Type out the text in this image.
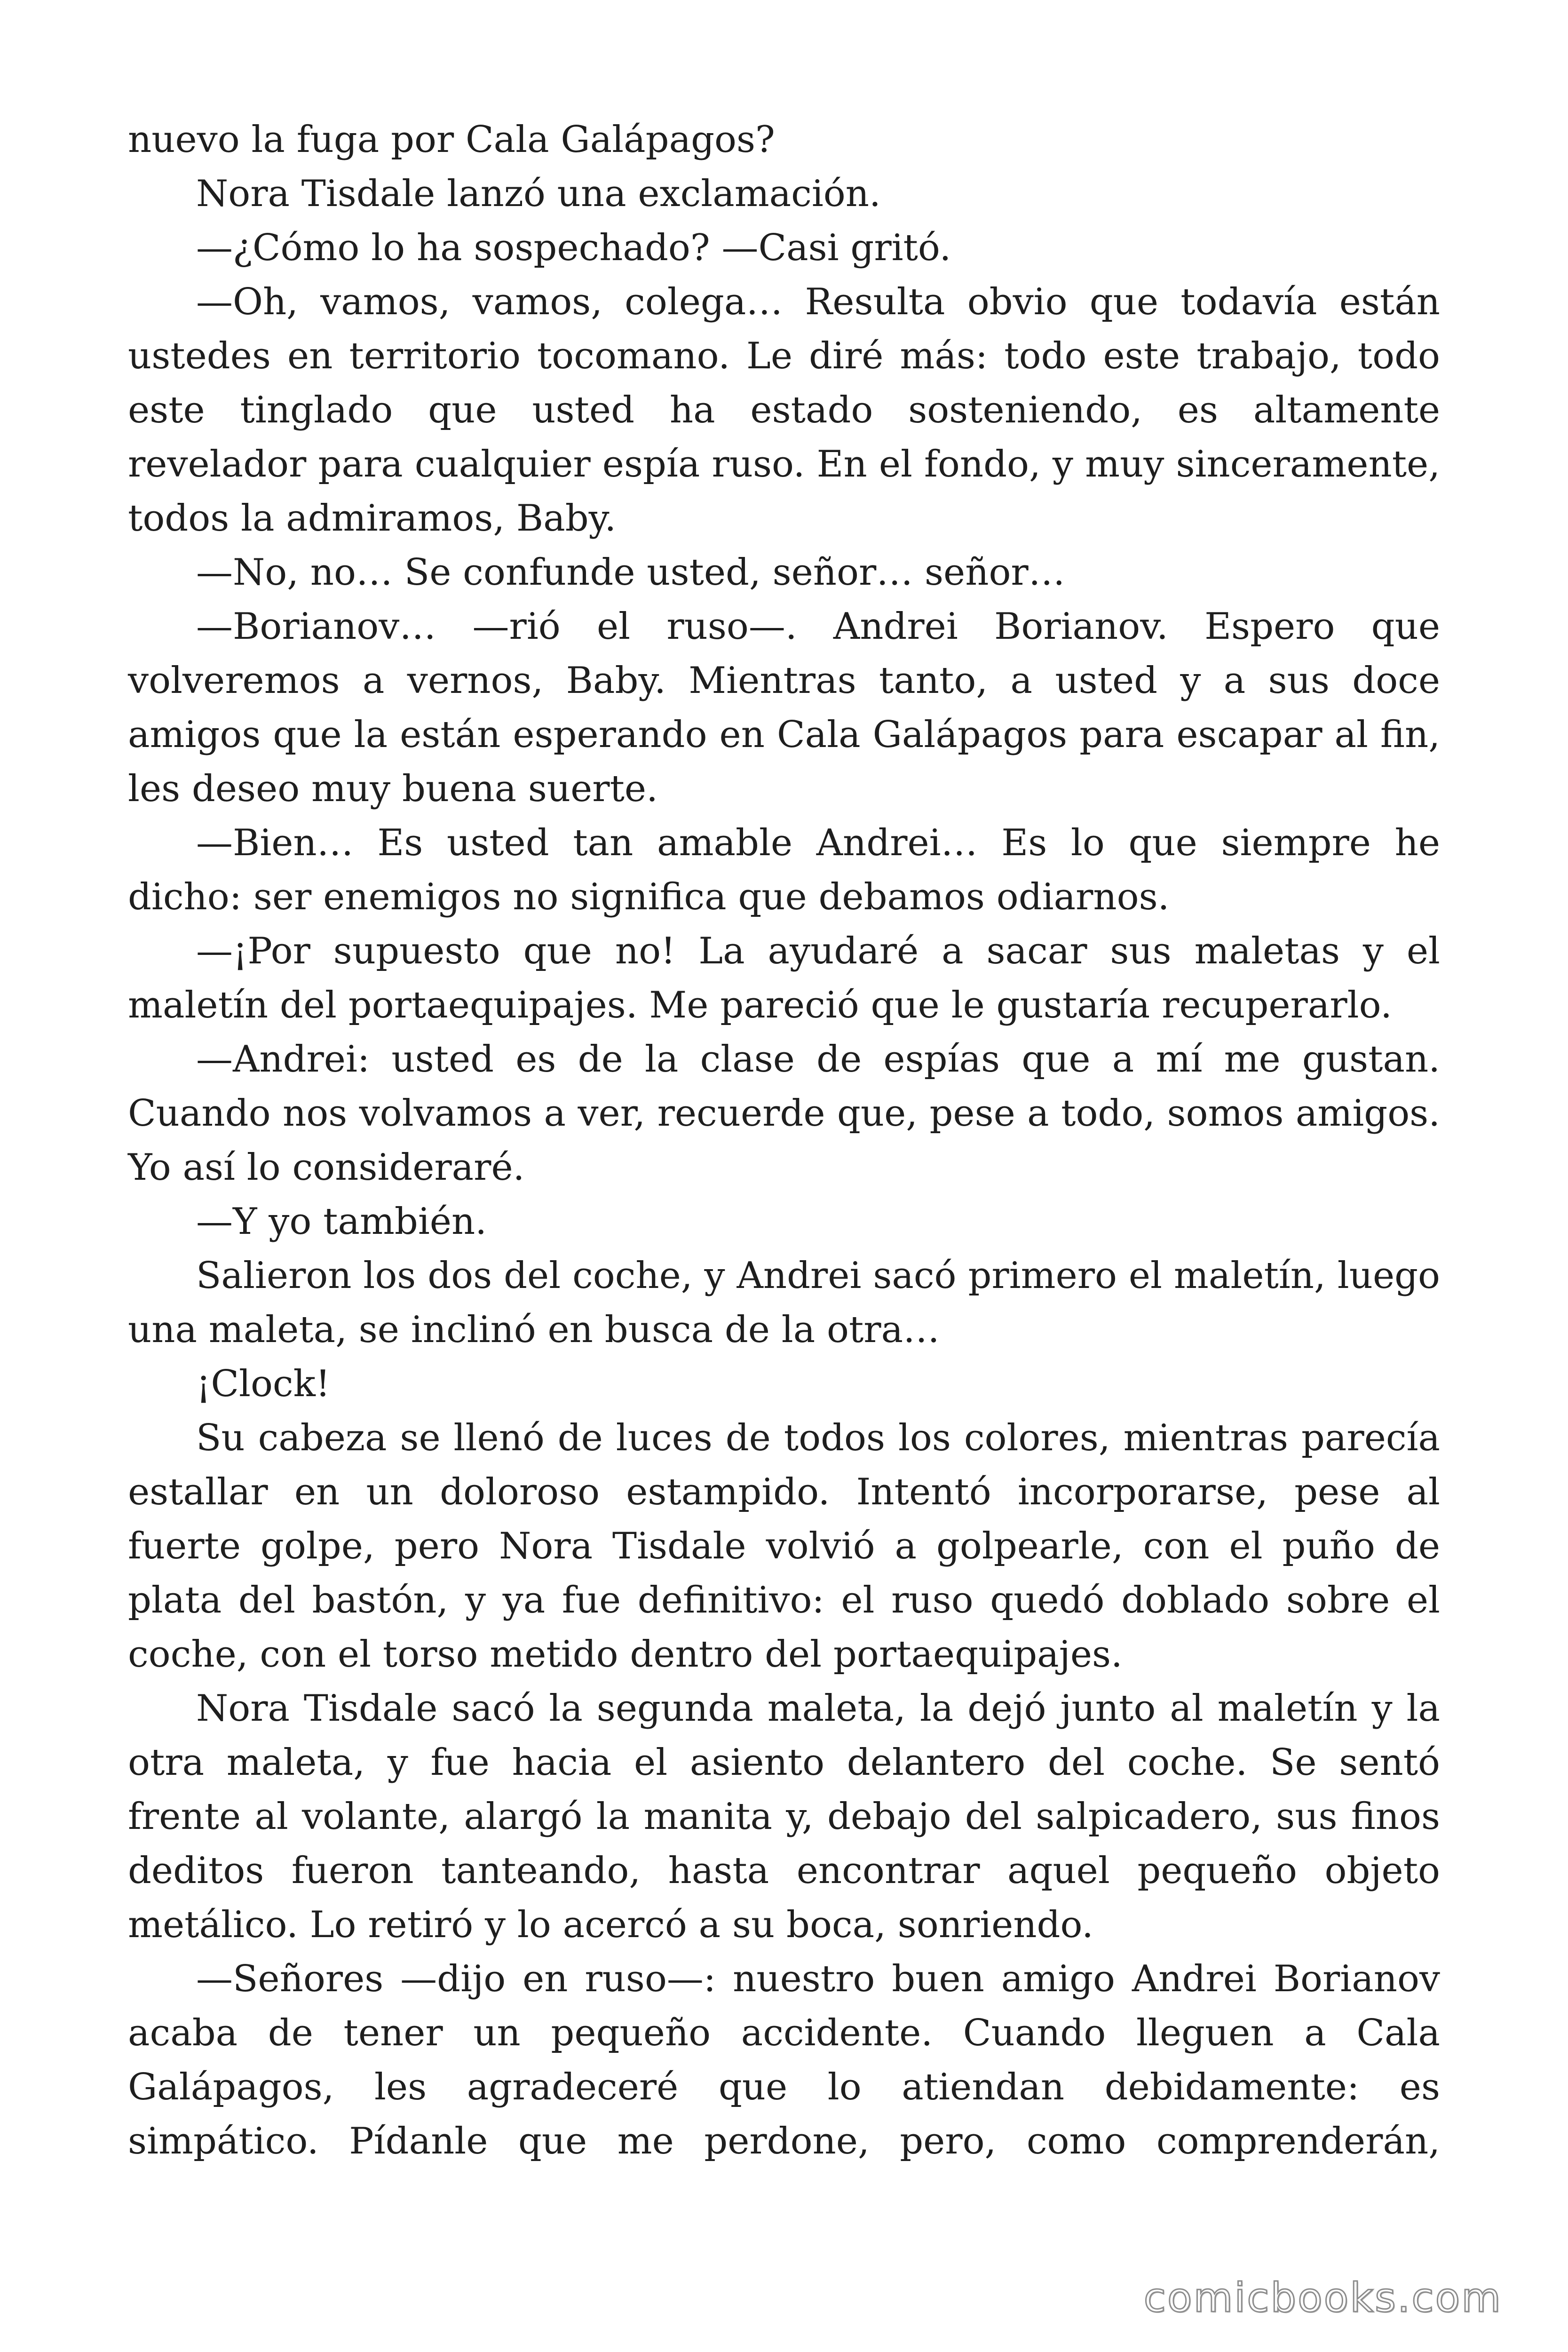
nuevo la fuga por Cala Galápagos?

Nora Tisdale lanzó una exclamación.

—¿Cómo lo ha sospechado? —Casi gritó.

—Oh, vamos, vamos, colega… Resulta obvio que todavía están ustedes en territorio tocomano. Le diré más: todo este trabajo, todo este tinglado que usted ha estado sosteniendo, es altamente revelador para cualquier espía ruso. En el fondo, y muy sinceramente, todos la admiramos, Baby.

—No, no… Se confunde usted, señor… señor…

—Borianov… —rió el ruso—. Andrei Borianov. Espero que volveremos a vernos, Baby. Mientras tanto, a usted y a sus doce amigos que la están esperando en Cala Galápagos para escapar al fin, les deseo muy buena suerte.

—Bien… Es usted tan amable Andrei… Es lo que siempre he dicho: ser enemigos no significa que debamos odiarnos.

—¡Por supuesto que no! La ayudaré a sacar sus maletas y el maletín del portaequipajes. Me pareció que le gustaría recuperarlo.

—Andrei: usted es de la clase de espías que a mí me gustan. Cuando nos volvamos a ver, recuerde que, pese a todo, somos amigos. Yo así lo consideraré.

—Y yo también.

Salieron los dos del coche, y Andrei sacó primero el maletín, luego una maleta, se inclinó en busca de la otra…

¡Clock!

Su cabeza se llenó de luces de todos los colores, mientras parecía estallar en un doloroso estampido. Intentó incorporarse, pese al fuerte golpe, pero Nora Tisdale volvió a golpearle, con el puño de plata del bastón, y ya fue definitivo: el ruso quedó doblado sobre el coche, con el torso metido dentro del portaequipajes.

Nora Tisdale sacó la segunda maleta, la dejó junto al maletín y la otra maleta, y fue hacia el asiento delantero del coche. Se sentó frente al volante, alargó la manita y, debajo del salpicadero, sus finos deditos fueron tanteando, hasta encontrar aquel pequeño objeto metálico. Lo retiró y lo acercó a su boca, sonriendo.

—Señores —dijo en ruso—: nuestro buen amigo Andrei Borianov acaba de tener un pequeño accidente. Cuando lleguen a Cala Galápagos, les agradeceré que lo atiendan debidamente: es simpático. Pídanle que me perdone, pero, como comprenderán,

comicbooks.com
